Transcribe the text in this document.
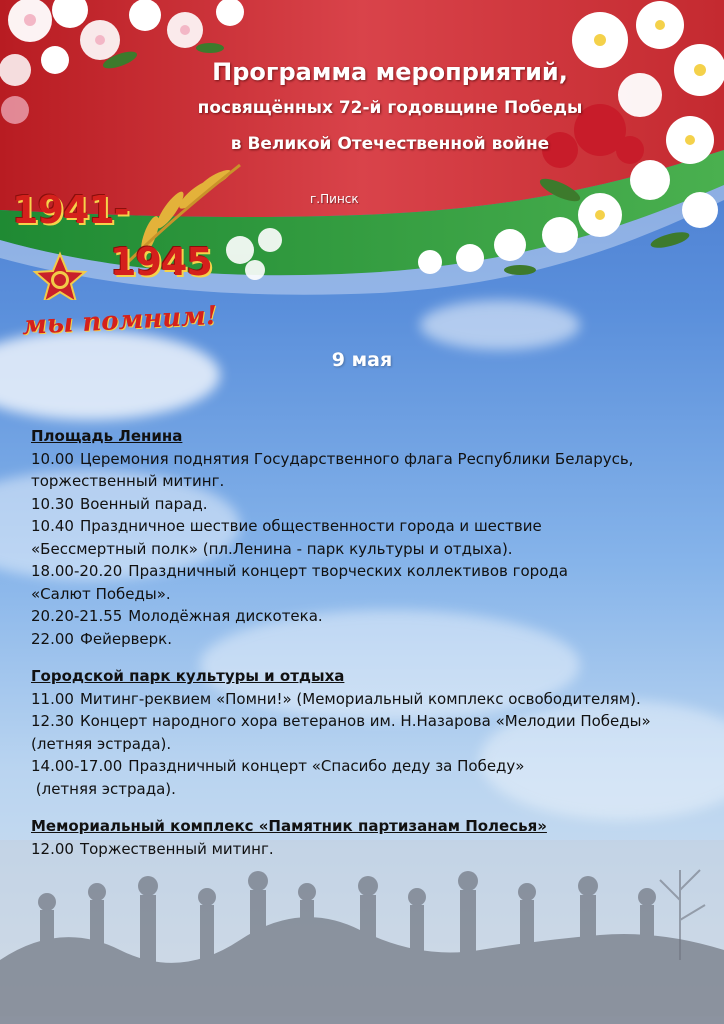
Программа мероприятий,
посвящённых 72-й годовщине Победы
в Великой Отечественной войне
г.Пинск
1941-
1945
мы помним!
9 мая
Площадь Ленина
10.00 Церемония поднятия Государственного флага Республики Беларусь,
торжественный митинг.
10.30 Военный парад.
10.40 Праздничное шествие общественности города и шествие
«Бессмертный полк» (пл.Ленина - парк культуры и отдыха).
18.00-20.20 Праздничный концерт творческих коллективов города
«Салют Победы».
20.20-21.55 Молодёжная дискотека.
22.00 Фейерверк.
Городской парк культуры и отдыха
11.00 Митинг-реквием «Помни!» (Мемориальный комплекс освободителям).
12.30 Концерт народного хора ветеранов им. Н.Назарова «Мелодии Победы»
(летняя эстрада).
14.00-17.00 Праздничный концерт «Спасибо деду за Победу»
(летняя эстрада).
Мемориальный комплекс «Памятник партизанам Полесья»
12.00 Торжественный митинг.
